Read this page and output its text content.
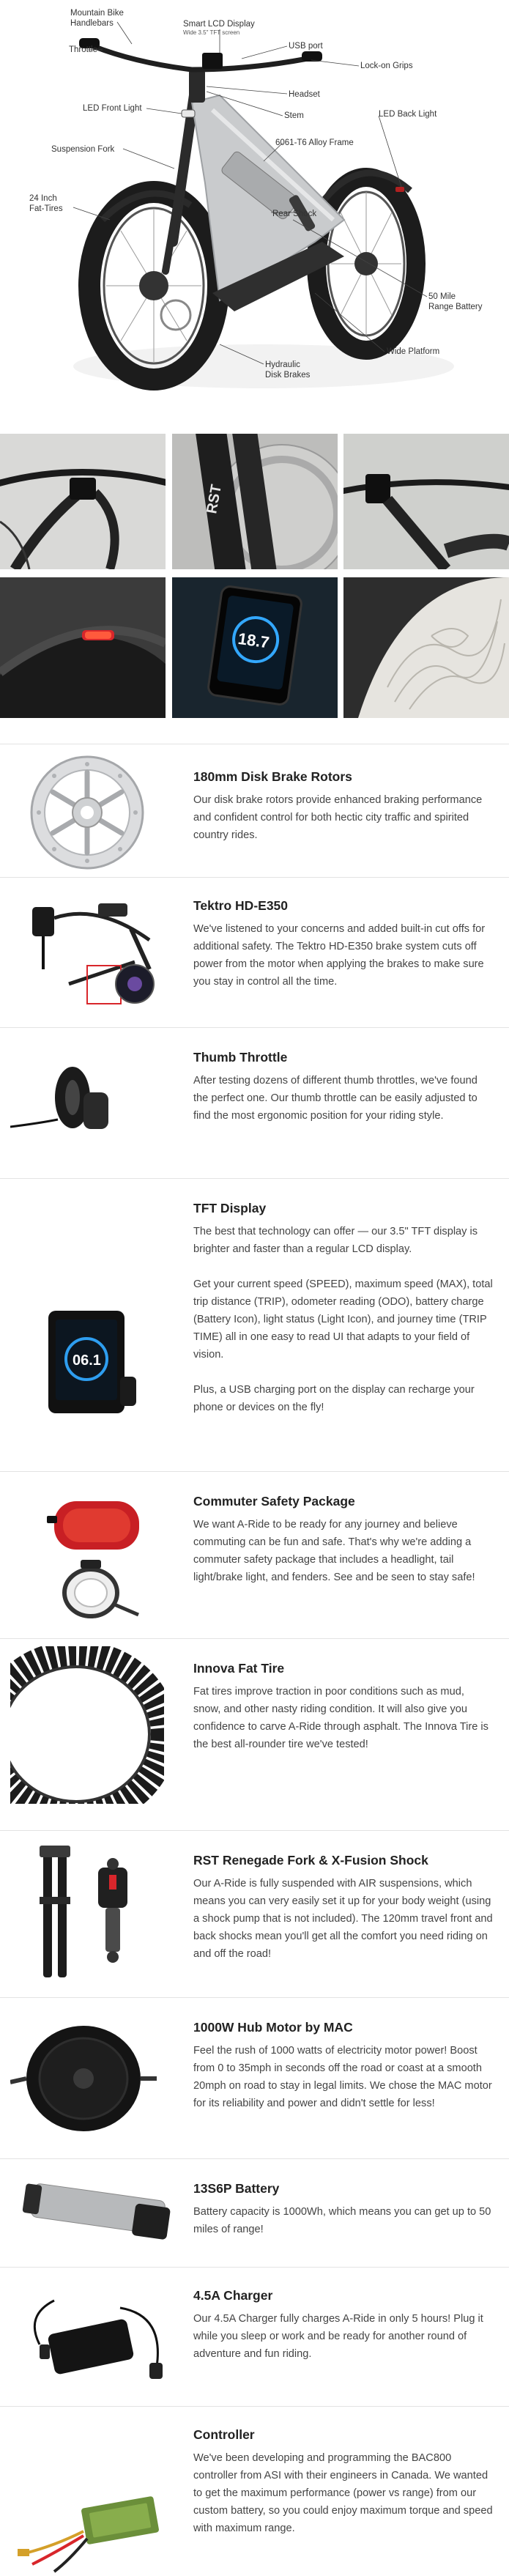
Mountain Bike
Handlebars	Smart LCD Display
Wide 3.5" TFT screen
USB port
Throttle
Lock-on Grips
Headset
LED Front Light
Stem	LED Back Light
6061-T6 Alloy Frame
Suspension Fork
24 Inch
Fat-Tires
Rear Shock
50 Mile
Range Battery
Wide Platform
Hydraulic
Disk Brakes
RST
18.7
180mm Disk Brake Rotors

Our disk brake rotors provide enhanced braking performance and confident control for both hectic city traffic and spirited country rides.

Tektro HD-E350

We've listened to your concerns and added built-in cut offs for additional safety. The Tektro HD-E350 brake system cuts off power from the motor when applying the brakes to make sure you stay in control all the time.

Thumb Throttle

After testing dozens of different thumb throttles, we've found the perfect one. Our thumb throttle can be easily adjusted to find the most ergonomic position for your riding style.

06.1
TFT Display

The best that technology can offer — our 3.5" TFT display is brighter and faster than a regular LCD display.

Get your current speed (SPEED), maximum speed (MAX), total trip distance (TRIP), odometer reading (ODO), battery charge (Battery Icon), light status (Light Icon), and journey time (TRIP TIME) all in one easy to read UI that adapts to your field of vision.

Plus, a USB charging port on the display can recharge your phone or devices on the fly!

Commuter Safety Package

We want A-Ride to be ready for any journey and believe commuting can be fun and safe. That's why we're adding a commuter safety package that includes a headlight, tail light/brake light, and fenders. See and be seen to stay safe!

Innova Fat Tire

Fat tires improve traction in poor conditions such as mud, snow, and other nasty riding condition. It will also give you confidence to carve A-Ride through asphalt. The Innova Tire is the best all-rounder tire we've tested!

RST Renegade Fork & X-Fusion Shock

Our A-Ride is fully suspended with AIR suspensions, which means you can very easily set it up for your body weight (using a shock pump that is not included). The 120mm travel front and back shocks mean you'll get all the comfort you need riding on and off the road!

1000W Hub Motor by MAC

Feel the rush of 1000 watts of electricity motor power! Boost from 0 to 35mph in seconds off the road or coast at a smooth 20mph on road to stay in legal limits. We chose the MAC motor for its reliability and power and didn't settle for less!

13S6P Battery

Battery capacity is 1000Wh, which means you can get up to 50 miles of range!

4.5A Charger

Our 4.5A Charger fully charges A-Ride in only 5 hours! Plug it while you sleep or work and be ready for another round of adventure and fun riding.

Controller

We've been developing and programming the BAC800 controller from ASI with their engineers in Canada. We wanted to get the maximum performance (power vs range) from our custom battery, so you could enjoy maximum torque and speed with maximum range.
